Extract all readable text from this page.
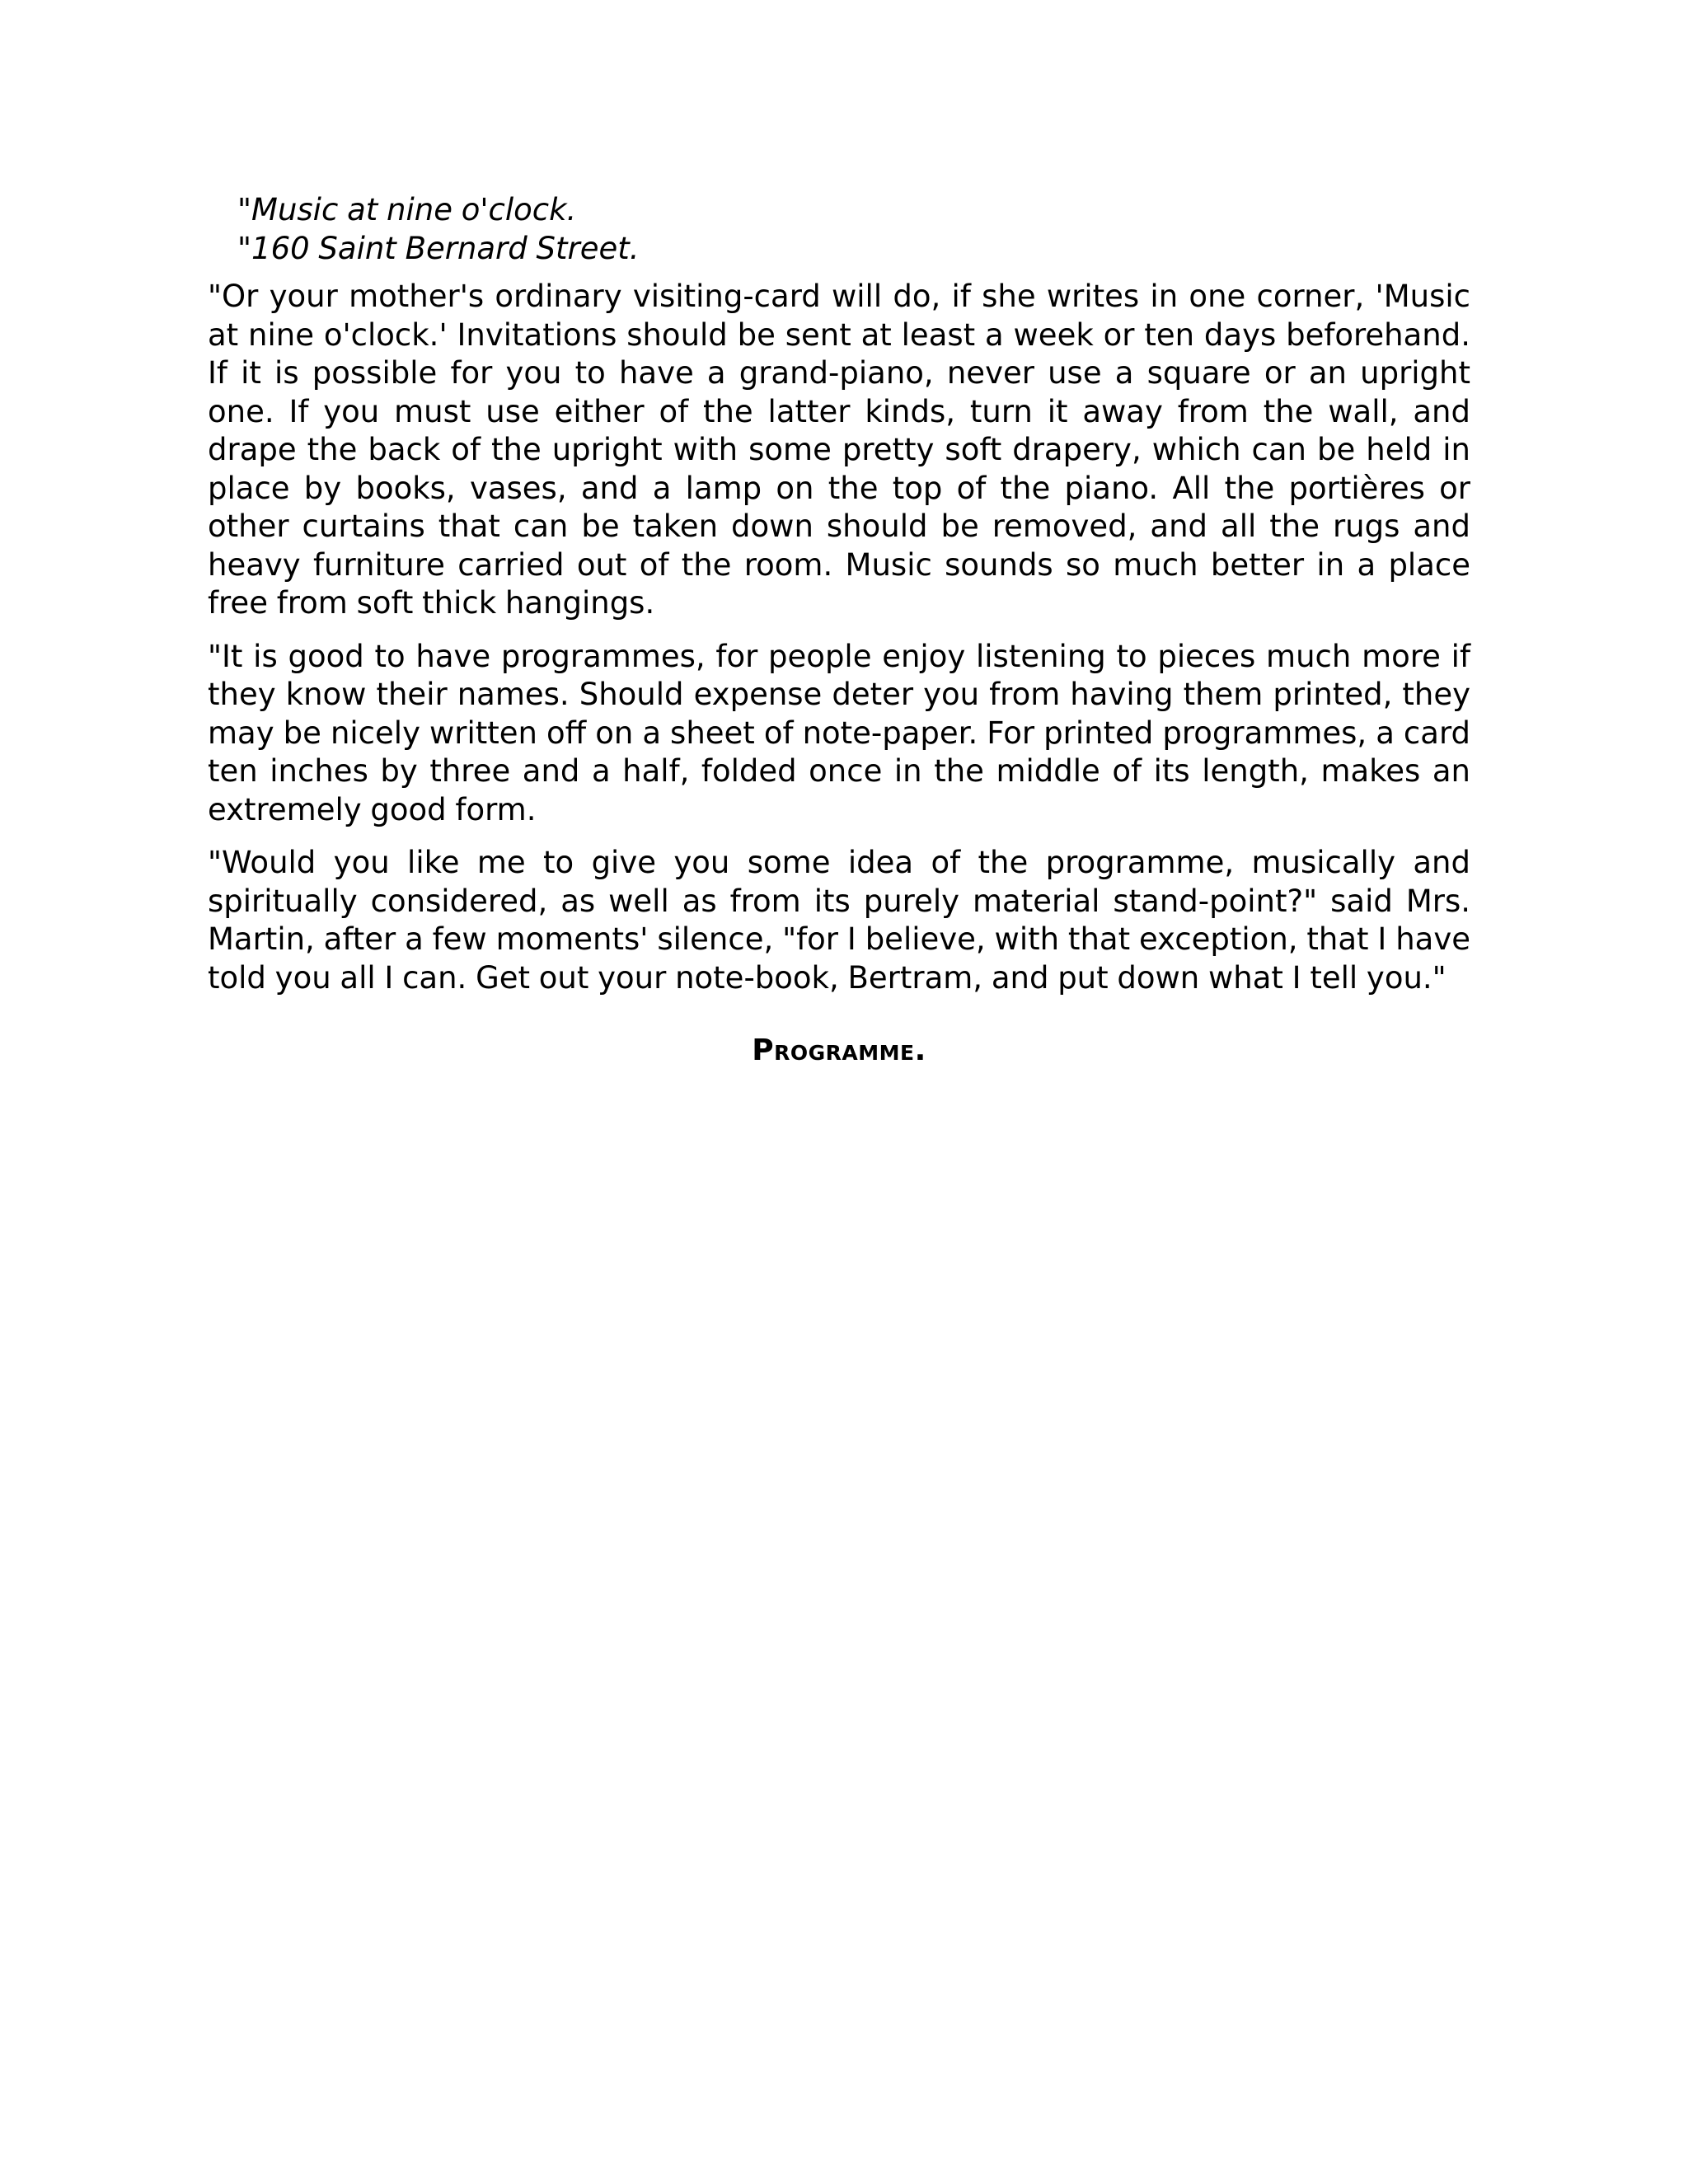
"Music at nine o'clock.

"160 Saint Bernard Street.

"Or your mother's ordinary visiting-card will do, if she writes in one corner, 'Music at nine o'clock.' Invitations should be sent at least a week or ten days beforehand. If it is possible for you to have a grand-piano, never use a square or an upright one. If you must use either of the latter kinds, turn it away from the wall, and drape the back of the upright with some pretty soft drapery, which can be held in place by books, vases, and a lamp on the top of the piano. All the portières or other curtains that can be taken down should be removed, and all the rugs and heavy furniture carried out of the room. Music sounds so much better in a place free from soft thick hangings.

"It is good to have programmes, for people enjoy listening to pieces much more if they know their names. Should expense deter you from having them printed, they may be nicely written off on a sheet of note-paper. For printed programmes, a card ten inches by three and a half, folded once in the middle of its length, makes an extremely good form.

"Would you like me to give you some idea of the programme, musically and spiritually considered, as well as from its purely material stand-point?" said Mrs. Martin, after a few moments' silence, "for I believe, with that exception, that I have told you all I can. Get out your note-book, Bertram, and put down what I tell you."

Programme.
